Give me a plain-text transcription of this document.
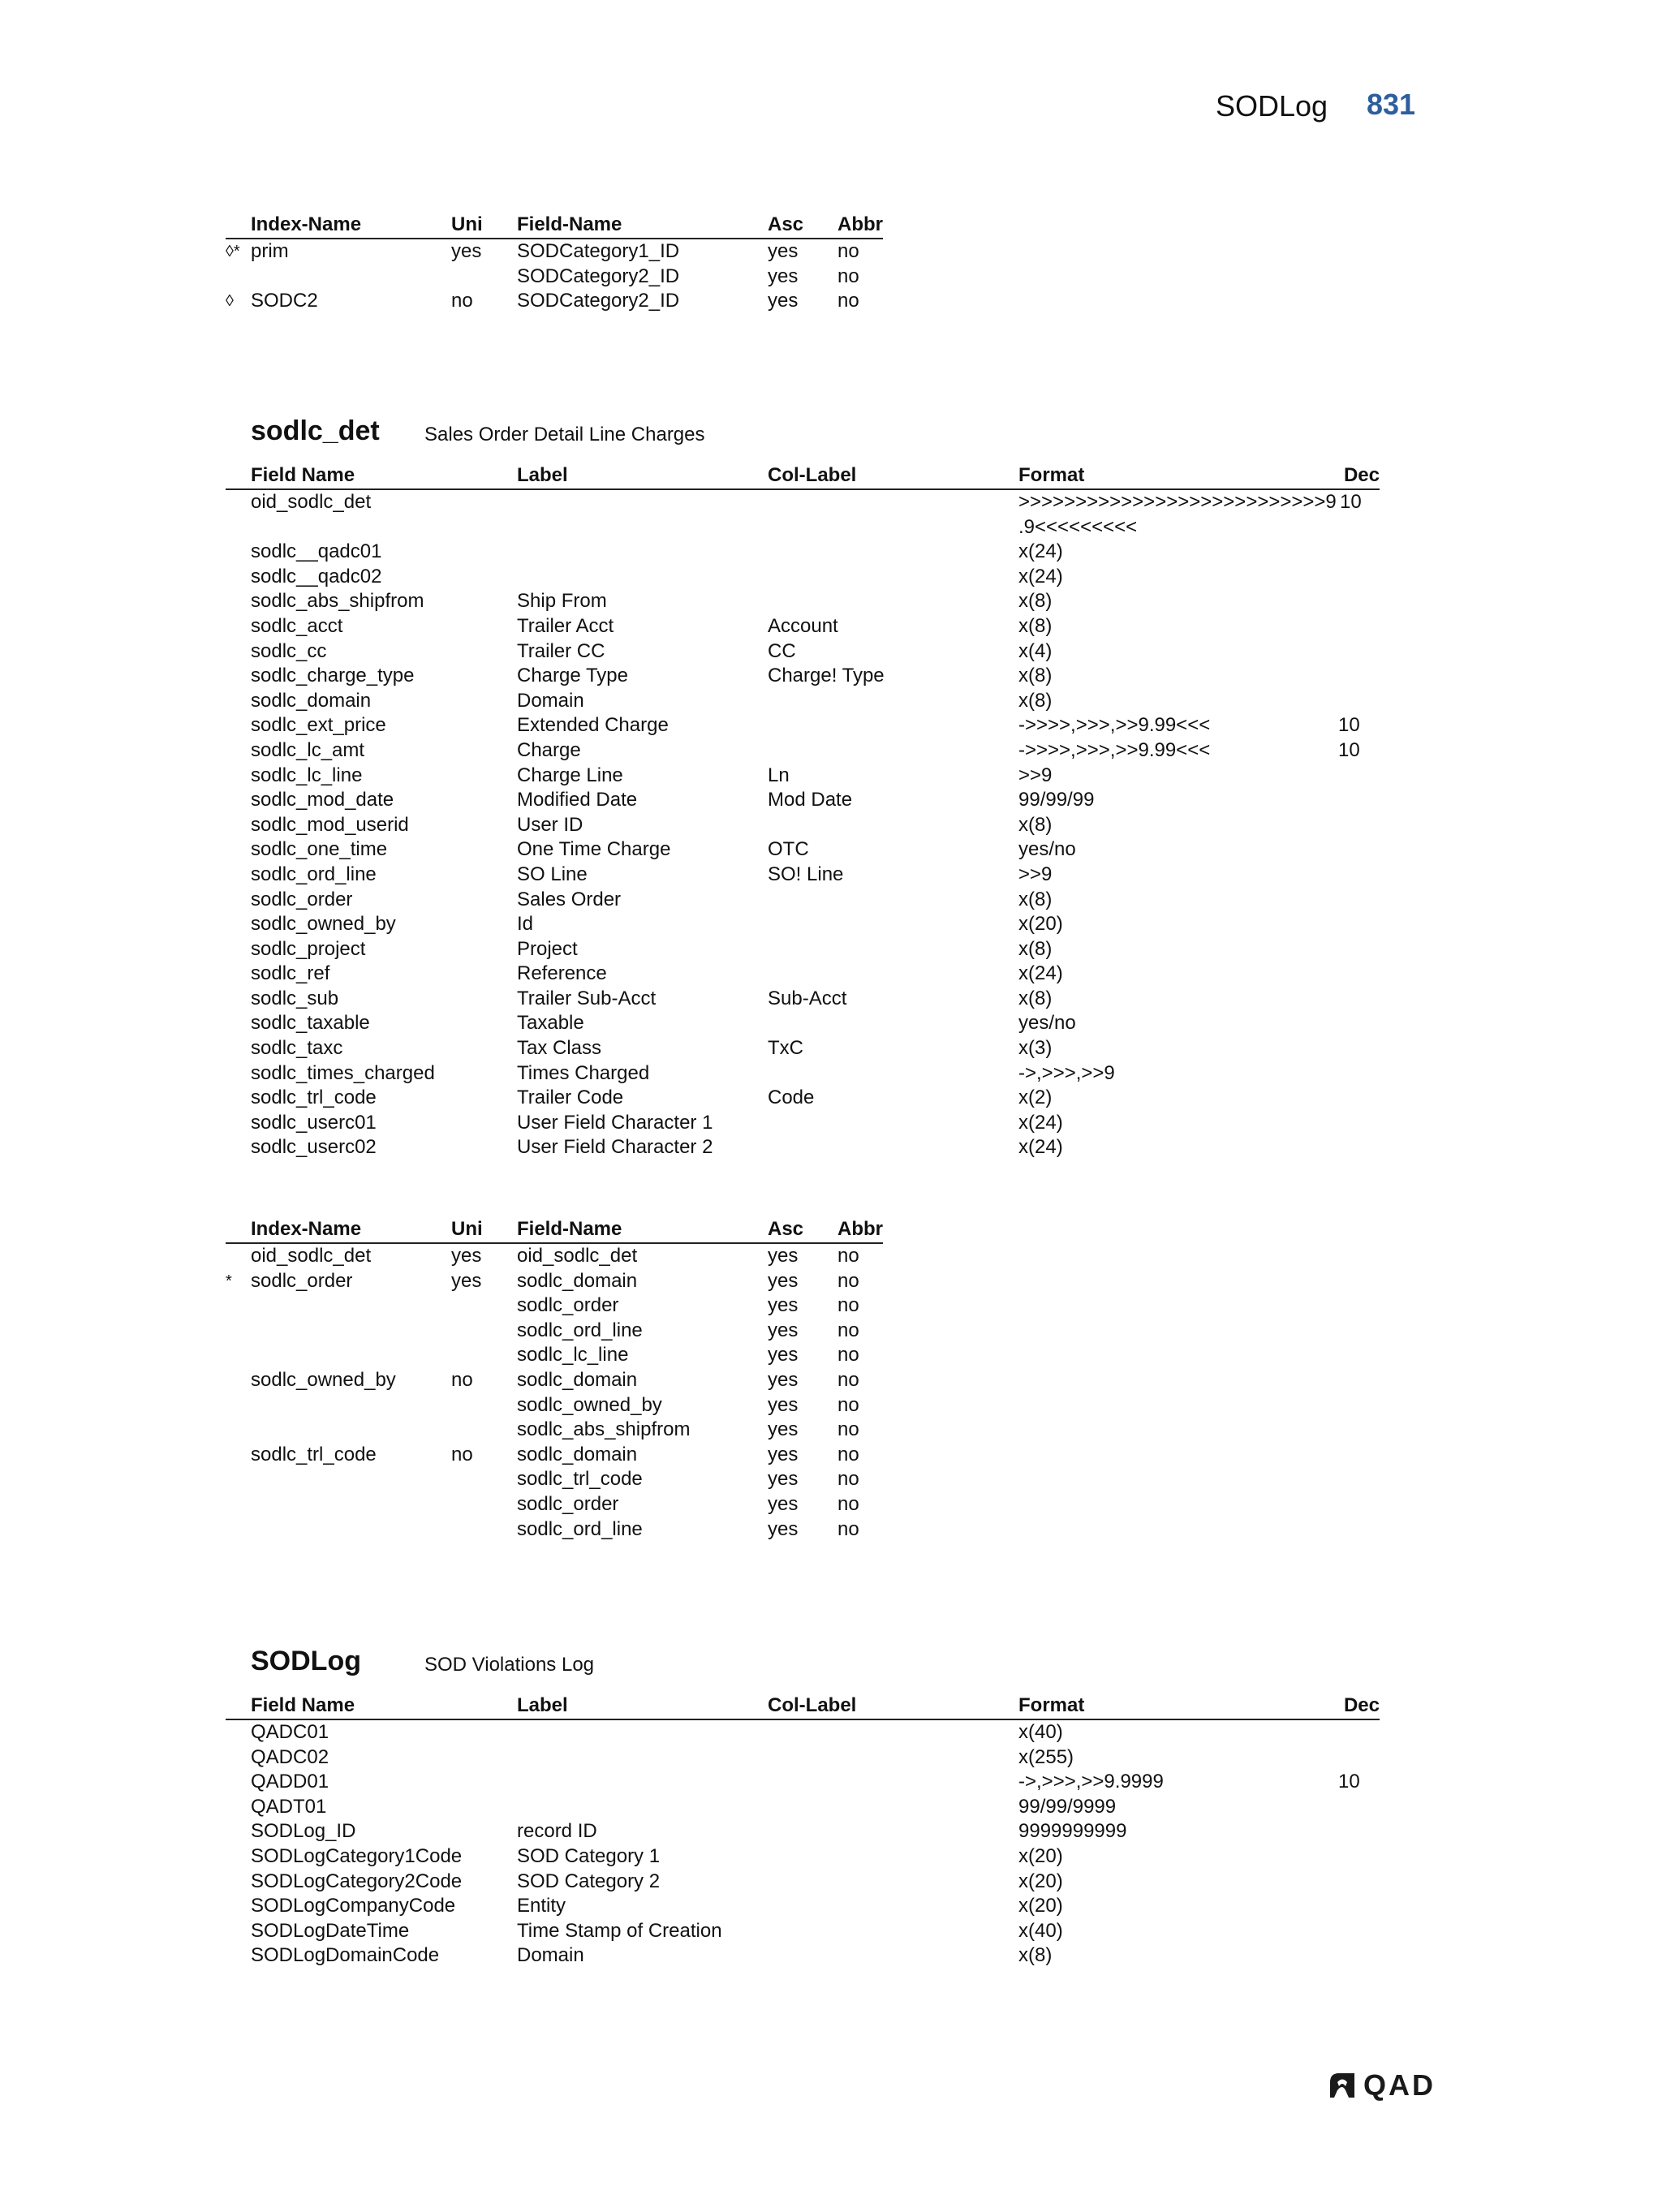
SODLog 831
Index-Name	Uni Field-Name	Asc Abbr
◊* prim	yes SODCategory1_ID	yes no
SODCategory2_ID	yes no
◊ SODC2	no SODCategory2_ID	yes no
sodlc_det Sales Order Detail Line Charges
Field Name	Label	Col-Label	Format	Dec
oid_sodlc_det	>>>>>>>>>>>>>>>>>>>>>>>>>>>9 10
.9<<<<<<<<<
sodlc__qadc01	x(24)
sodlc__qadc02	x(24)
sodlc_abs_shipfrom	Ship From	x(8)
sodlc_acct	Trailer Acct	Account	x(8)
sodlc_cc	Trailer CC	CC	x(4)
sodlc_charge_type	Charge Type	Charge! Type	x(8)
sodlc_domain	Domain	x(8)
sodlc_ext_price	Extended Charge	->>>>,>>>,>>9.99<<<	10
sodlc_lc_amt	Charge	->>>>,>>>,>>9.99<<<	10
sodlc_lc_line	Charge Line	Ln	>>9
sodlc_mod_date	Modified Date	Mod Date	99/99/99
sodlc_mod_userid	User ID	x(8)
sodlc_one_time	One Time Charge	OTC	yes/no
sodlc_ord_line	SO Line	SO! Line	>>9
sodlc_order	Sales Order	x(8)
sodlc_owned_by	Id	x(20)
sodlc_project	Project	x(8)
sodlc_ref	Reference	x(24)
sodlc_sub	Trailer Sub-Acct	Sub-Acct	x(8)
sodlc_taxable	Taxable	yes/no
sodlc_taxc	Tax Class	TxC	x(3)
sodlc_times_charged	Times Charged	->,>>>,>>9
sodlc_trl_code	Trailer Code	Code	x(2)
sodlc_userc01	User Field Character 1	x(24)
sodlc_userc02	User Field Character 2	x(24)
Index-Name	Uni Field-Name	Asc Abbr
oid_sodlc_det	yes oid_sodlc_det	yes no
* sodlc_order	yes sodlc_domain	yes no
sodlc_order	yes no
sodlc_ord_line	yes no
sodlc_lc_line	yes no
sodlc_owned_by	no sodlc_domain	yes no
sodlc_owned_by	yes no
sodlc_abs_shipfrom	yes no
sodlc_trl_code	no sodlc_domain	yes no
sodlc_trl_code	yes no
sodlc_order	yes no
sodlc_ord_line	yes no
SODLog	SOD Violations Log
Field Name	Label	Col-Label	Format	Dec
QADC01	x(40)
QADC02	x(255)
QADD01	->,>>>,>>9.9999	10
QADT01	99/99/9999
SODLog_ID	record ID	9999999999
SODLogCategory1Code	SOD Category 1	x(20)
SODLogCategory2Code	SOD Category 2	x(20)
SODLogCompanyCode	Entity	x(20)
SODLogDateTime	Time Stamp of Creation	x(40)
SODLogDomainCode	Domain	x(8)
QAD
